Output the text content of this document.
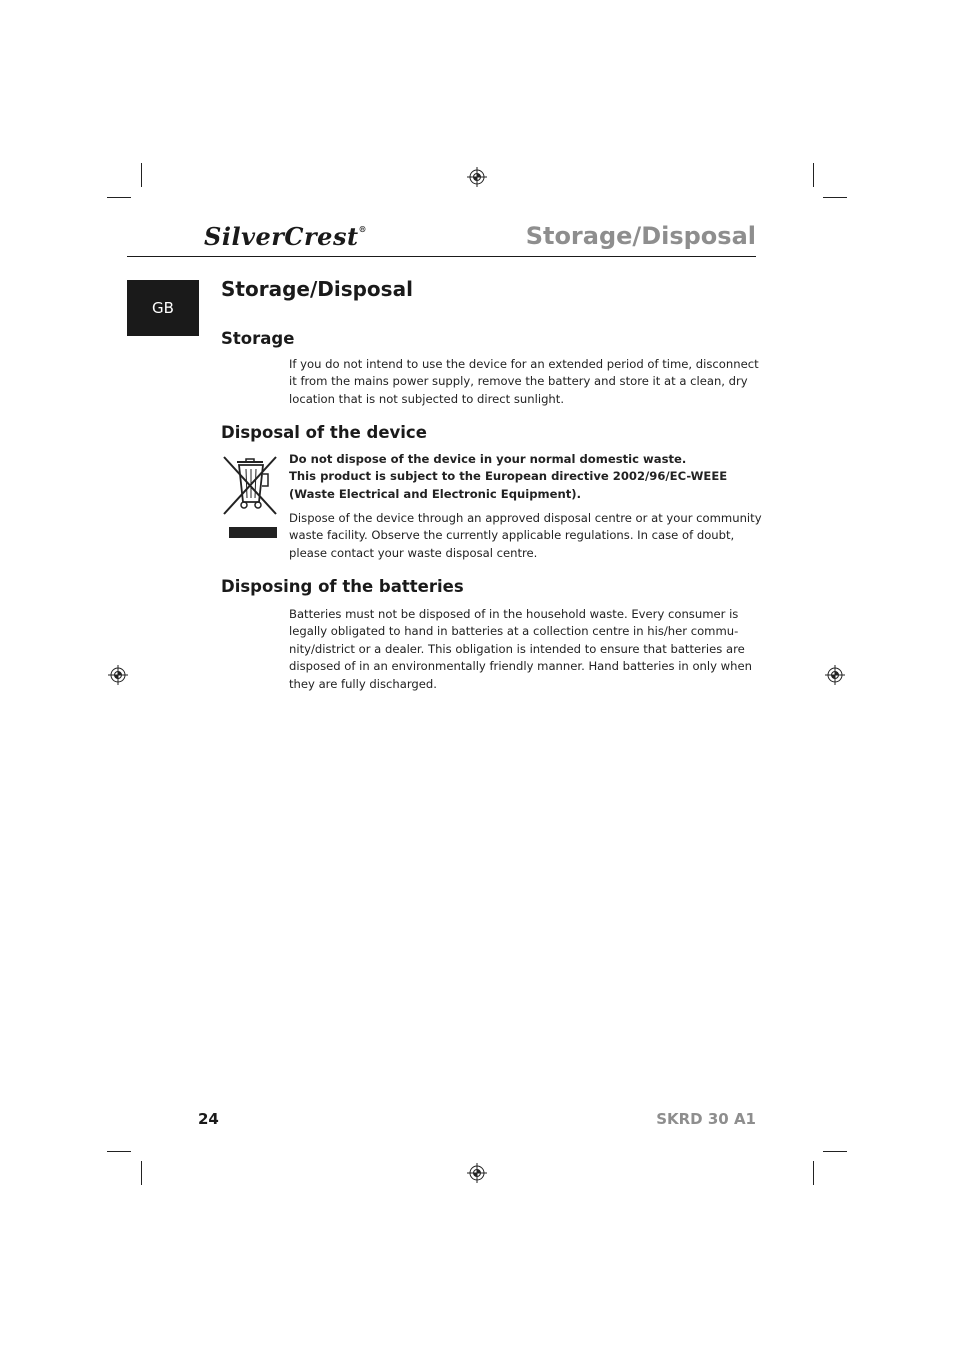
SilverCrest®	Storage/Disposal
GB
Storage/Disposal
Storage

If you do not intend to use the device for an extended period of time, disconnect
it from the mains power supply, remove the battery and store it at a clean, dry
location that is not subjected to direct sunlight.

Disposal of the device

Do not dispose of the device in your normal domestic waste.
This product is subject to the European directive 2002/96/EC-WEEE
(Waste Electrical and Electronic Equipment).

Dispose of the device through an approved disposal centre or at your community
waste facility. Observe the currently applicable regulations. In case of doubt,
please contact your waste disposal centre.

Disposing of the batteries

Batteries must not be disposed of in the household waste. Every consumer is
legally obligated to hand in batteries at a collection centre in his/her commu-
nity/district or a dealer. This obligation is intended to ensure that batteries are
disposed of in an environmentally friendly manner. Hand batteries in only when
they are fully discharged.

24	SKRD 30 A1
